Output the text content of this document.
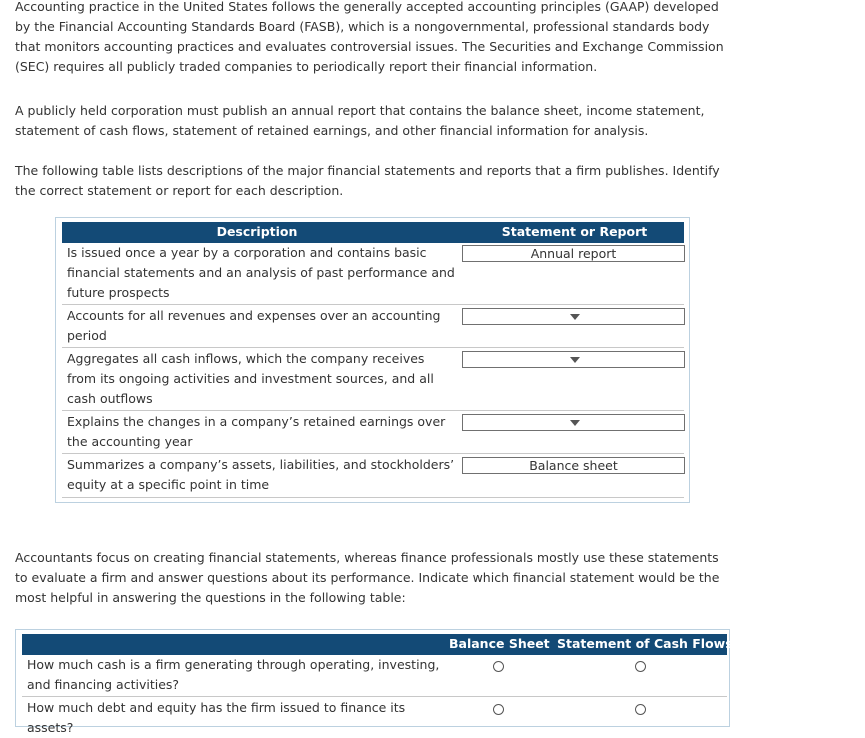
Accounting practice in the United States follows the generally accepted accounting principles (GAAP) developed by the Financial Accounting Standards Board (FASB), which is a nongovernmental, professional standards body that monitors accounting practices and evaluates controversial issues. The Securities and Exchange Commission (SEC) requires all publicly traded companies to periodically report their financial information.

A publicly held corporation must publish an annual report that contains the balance sheet, income statement, statement of cash flows, statement of retained earnings, and other financial information for analysis.

The following table lists descriptions of the major financial statements and reports that a firm publishes. Identify the correct statement or report for each description.

Description	Statement or Report
Is issued once a year by a corporation and contains basic financial statements and an analysis of past performance and future prospects
Annual report
Accounts for all revenues and expenses over an accounting period
Aggregates all cash inflows, which the company receives from its ongoing activities and investment sources, and all cash outflows
Explains the changes in a company’s retained earnings over the accounting year
Summarizes a company’s assets, liabilities, and stockholders’ equity at a specific point in time
Balance sheet

Accountants focus on creating financial statements, whereas finance professionals mostly use these statements to evaluate a firm and answer questions about its performance. Indicate which financial statement would be the most helpful in answering the questions in the following table:

Balance Sheet Statement of Cash Flows
How much cash is a firm generating through operating, investing, and financing activities?
How much debt and equity has the firm issued to finance its assets?
